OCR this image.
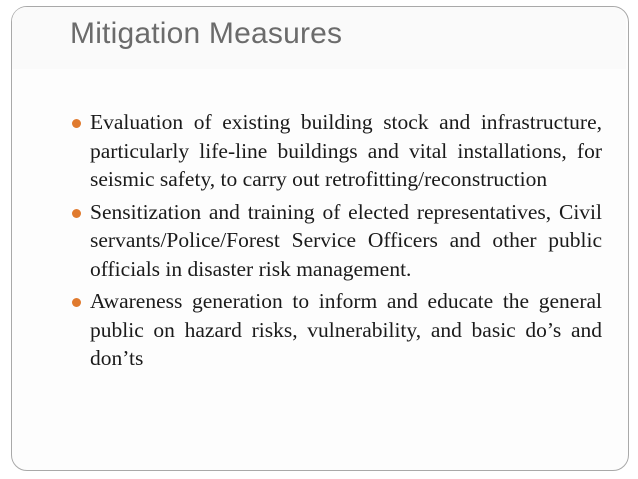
Mitigation Measures
Evaluation of existing building stock and infrastructure, particularly life-line buildings and vital installations, for seismic safety, to carry out retrofitting/reconstruction
Sensitization and training of elected representatives, Civil servants/Police/Forest Service Officers and other public officials in disaster risk management.
Awareness generation to inform and educate the general public on hazard risks, vulnerability, and basic do’s and don’ts
